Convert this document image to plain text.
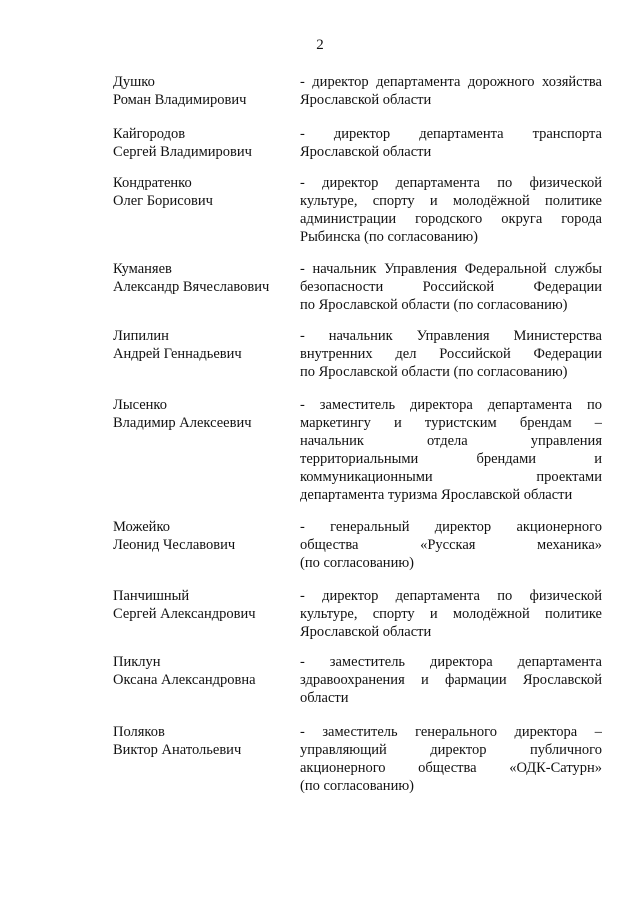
2
Душко
Роман Владимирович
- директор департамента дорожного хозяйства
Ярославской области
Кайгородов
Сергей Владимирович
- директор департамента транспорта
Ярославской области
Кондратенко
Олег Борисович
- директор департамента по физической
культуре, спорту и молодёжной политике
администрации городского округа города
Рыбинска (по согласованию)
Куманяев
Александр Вячеславович
- начальник Управления Федеральной службы
безопасности Российской Федерации
по Ярославской области (по согласованию)
Липилин
Андрей Геннадьевич
- начальник Управления Министерства
внутренних дел Российской Федерации
по Ярославской области (по согласованию)
Лысенко
Владимир Алексеевич
- заместитель директора департамента по
маркетингу и туристским брендам –
начальник отдела управления
территориальными брендами и
коммуникационными проектами
департамента туризма Ярославской области
Можейко
Леонид Чеславович
- генеральный директор акционерного
общества «Русская механика»
(по согласованию)
Панчишный
Сергей Александрович
- директор департамента по физической
культуре, спорту и молодёжной политике
Ярославской области
Пиклун
Оксана Александровна
- заместитель директора департамента
здравоохранения и фармации Ярославской
области
Поляков
Виктор Анатольевич
- заместитель генерального директора –
управляющий директор публичного
акционерного общества «ОДК-Сатурн»
(по согласованию)
